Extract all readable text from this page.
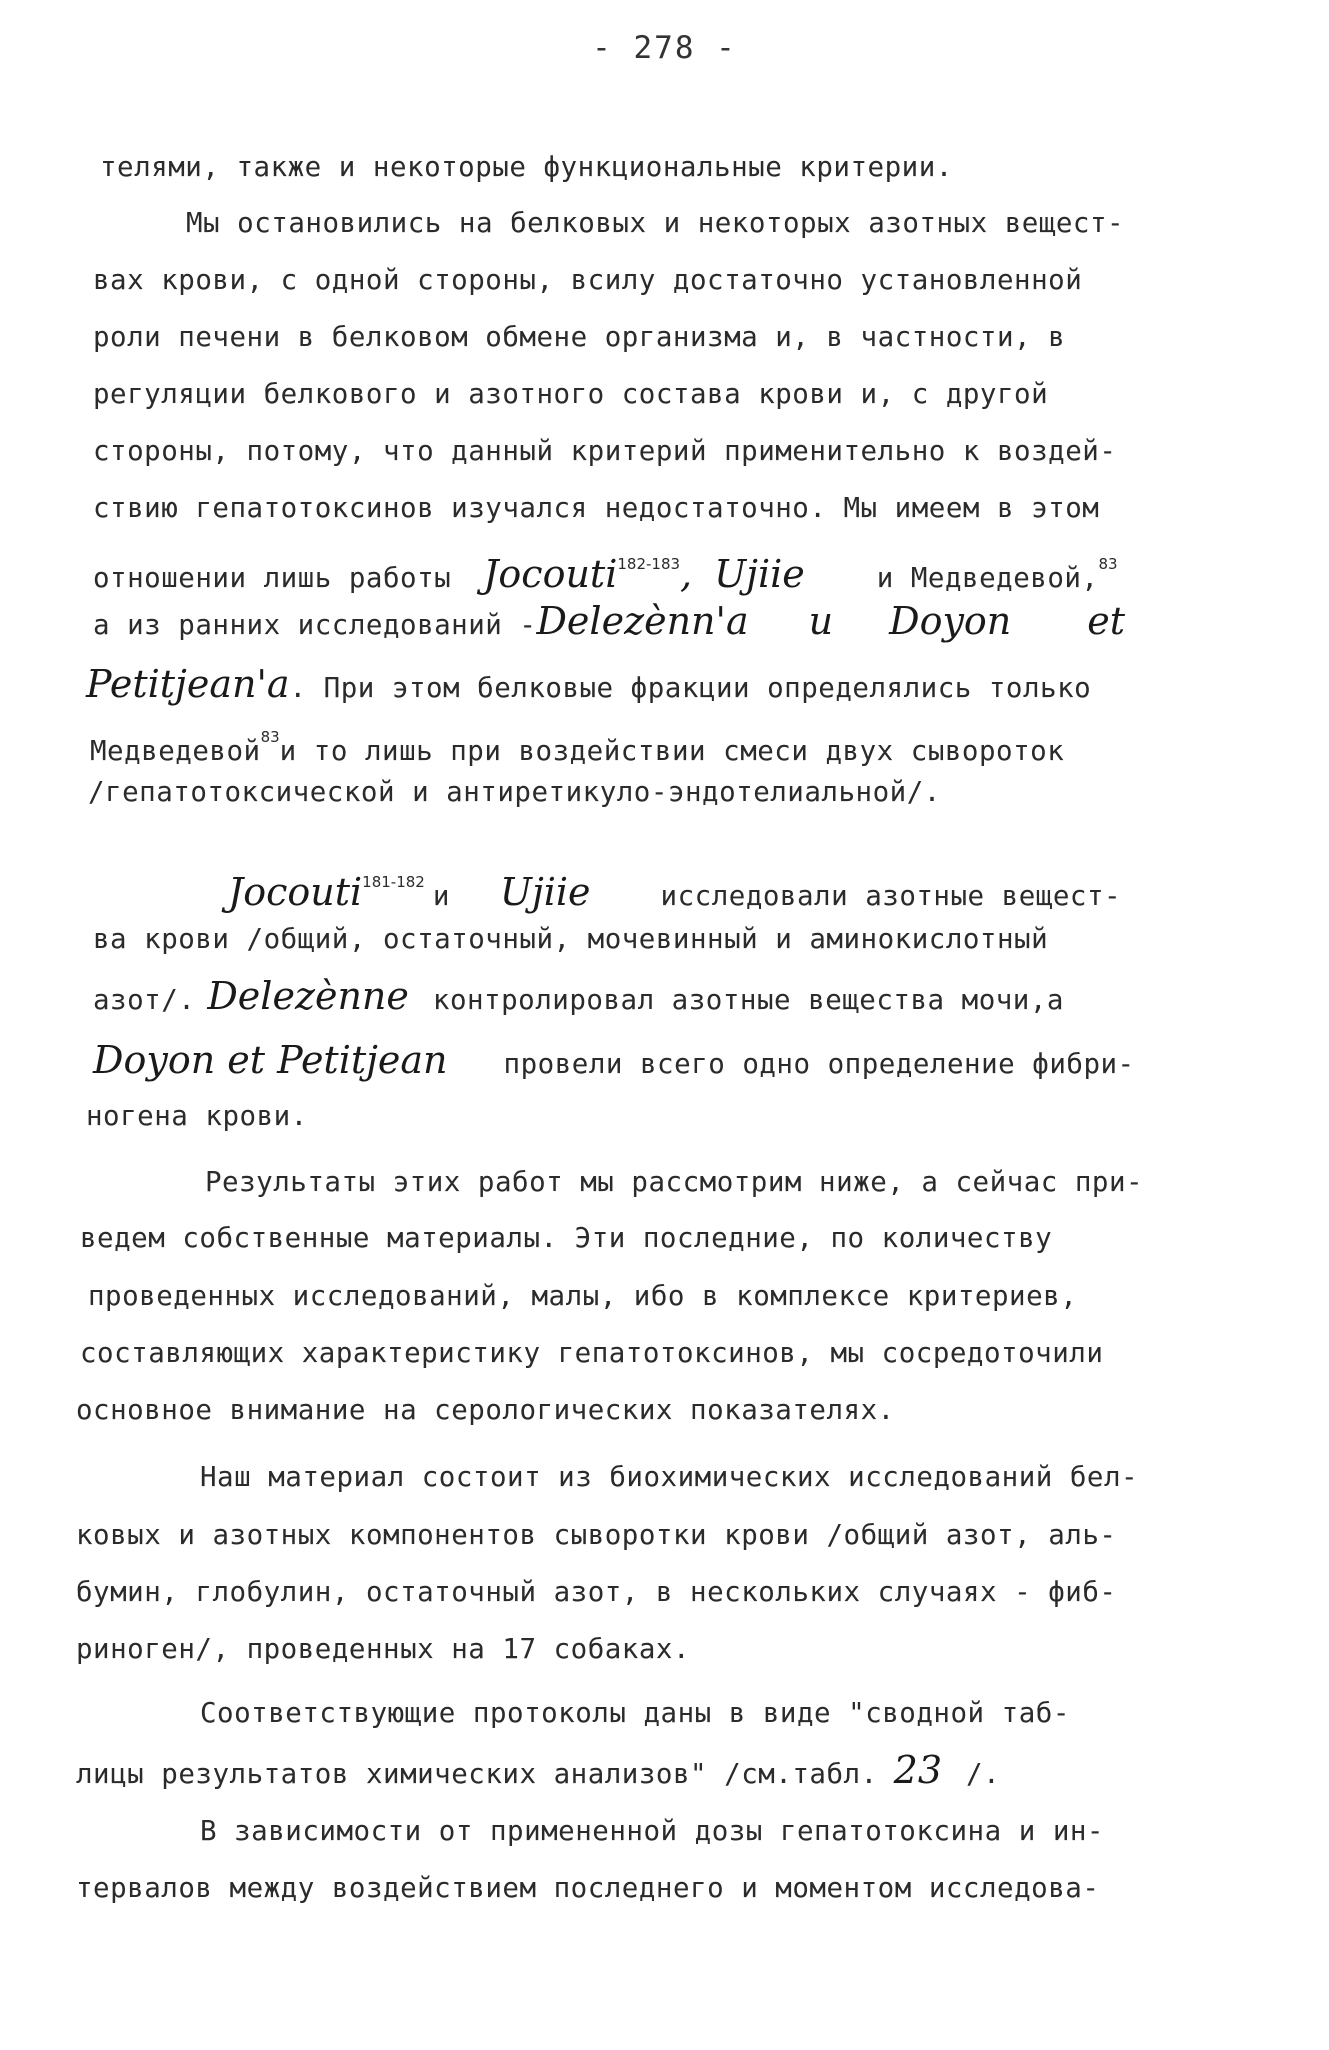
- 278 -
телями, также и некоторые функциональные критерии.
Мы остановились на белковых и некоторых азотных вещест-
вах крови, с одной стороны, всилу достаточно установленной
роли печени в белковом обмене организма и, в частности, в
регуляции белкового и азотного состава крови и, с другой
стороны, потому, что данный критерий применительно к воздей-
ствию гепатотоксинов изучался недостаточно. Мы имеем в этом
отношении лишь работы Jocouti$^{182-183}$, Ujiie	и Медведевой,$^{83}$
а из ранних исследований -Delezènn'a и Doyon et
Petitjean'a. При этом белковые фракции определялись только
Медведевой$^{83}$и то лишь при воздействии смеси двух сывороток
/гепатотоксической и антиретикуло-эндотелиальной/.
Jocouti$^{181-182}$ и Ujiie	исследовали азотные вещест-
ва крови /общий, остаточный, мочевинный и аминокислотный
азот/. Delezènne контролировал азотные вещества мочи,а
Doyon et Petitjean провели всего одно определение фибри-
ногена крови.
Результаты этих работ мы рассмотрим ниже, а сейчас при-
ведем собственные материалы. Эти последние, по количеству
проведенных исследований, малы, ибо в комплексе критериев,
составляющих характеристику гепатотоксинов, мы сосредоточили
основное внимание на серологических показателях.
Наш материал состоит из биохимических исследований бел-
ковых и азотных компонентов сыворотки крови /общий азот, аль-
бумин, глобулин, остаточный азот, в нескольких случаях - фиб-
риноген/, проведенных на 17 собаках.
Соответствующие протоколы даны в виде "сводной таб-
лицы результатов химических анализов" /см.табл. 23 /.
В зависимости от примененной дозы гепатотоксина и ин-
тервалов между воздействием последнего и моментом исследова-
